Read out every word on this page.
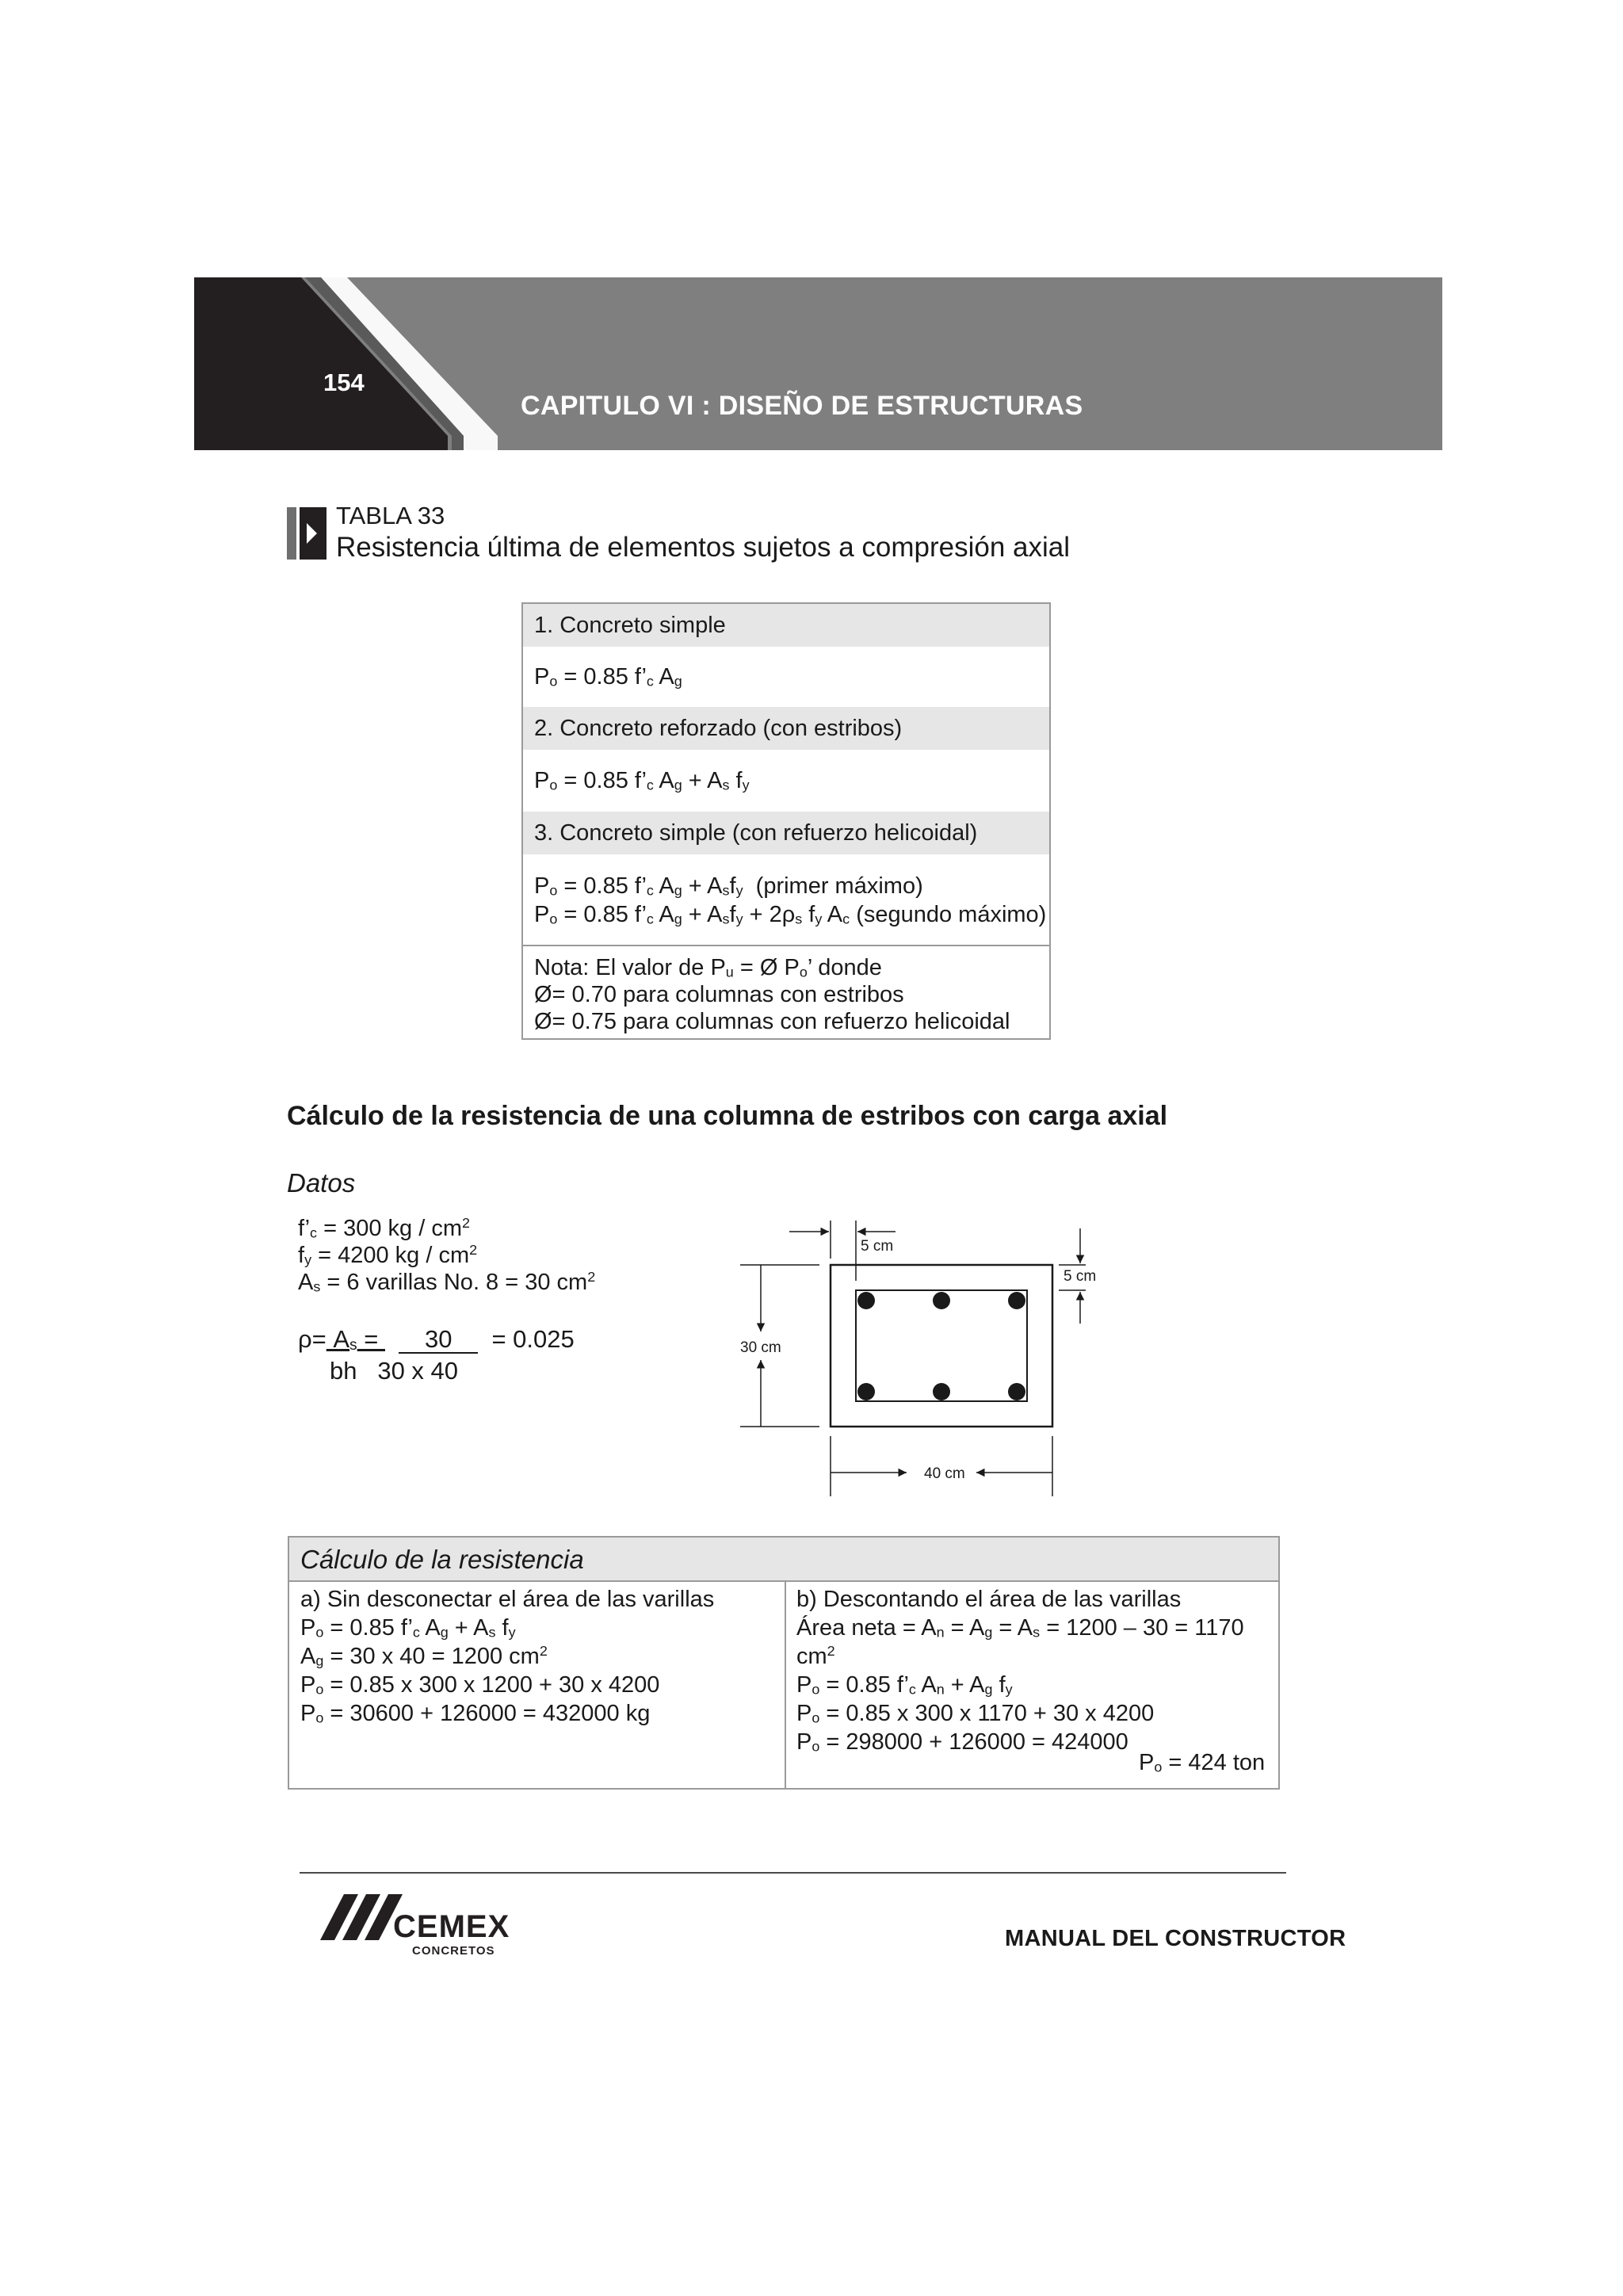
154
CAPITULO VI : DISEÑO DE ESTRUCTURAS
TABLA 33
Resistencia última de elementos sujetos a compresión axial
1. Concreto simple
$P_o = 0.85$ $f’_c$ $A_g$
2. Concreto reforzado (con estribos)
$P_o = 0.85$ $f’_c$ $A_g + A_s$ $f_y$
3. Concreto simple (con refuerzo helicoidal)
$P_o = 0.85$ $f’_c$ $A_g + A_sf_y$ (primer máximo)
$P_o = 0.85$ $f’_c$ $A_g + A_sf_y + 2\rho_s$ $f_y$ $A_c$ (segundo máximo)
Nota: El valor de $P_u$ = Ø $P_o$’ donde
Ø= 0.70 para columnas con estribos
Ø= 0.75 para columnas con refuerzo helicoidal
Cálculo de la resistencia de una columna de estribos con carga axial
Datos
$f’_c = 300$ kg / $cm^2$
$f_y = 4200$ kg / $cm^2$
$A_s = 6$ varillas No. 8 = 30 $cm^2$
$\rho= A_s = 30 = 0.025$
bh 30 x 40
5 cm
5 cm
30 cm
40 cm
Cálculo de la resistencia
a) Sin desconectar el área de las varillas
$P_o = 0.85$ $f’_c$ $A_g + A_s$ $f_y$
$A_g = 30$ x 40 = 1200 $cm^2$
$P_o = 0.85$ x 300 x 1200 + 30 x 4200
$P_o = 30600 + 126000 = 432000$ kg
b) Descontando el área de las varillas
Área neta = $A_n = A_g = A_s = 1200 - 30 = 1170$ $cm^2$
$P_o = 0.85$ $f’_c$ $A_n + A_g$ $f_y$
$P_o = 0.85$ x 300 x 1170 + 30 x 4200
$P_o = 298000 + 126000 = 424000$
$P_o = 424$ ton
CEMEX
CONCRETOS	MANUAL DEL CONSTRUCTOR
